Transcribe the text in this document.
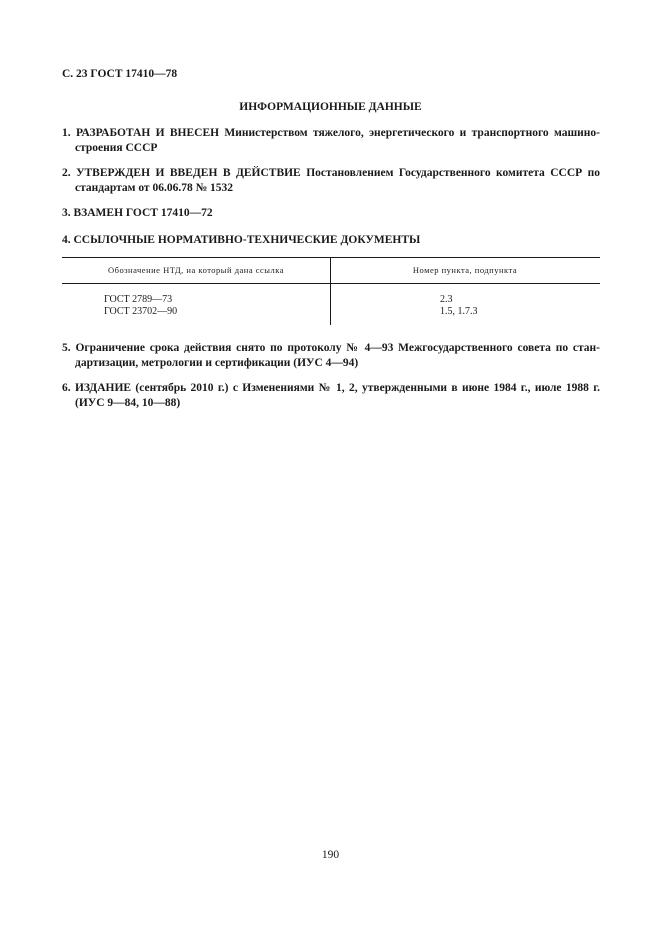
С. 23 ГОСТ 17410—78
ИНФОРМАЦИОННЫЕ ДАННЫЕ
1. РАЗРАБОТАН И ВНЕСЕН Министерством тяжелого, энергетического и транспортного машино-
строения СССР
2. УТВЕРЖДЕН И ВВЕДЕН В ДЕЙСТВИЕ Постановлением Государственного комитета СССР по
стандартам от 06.06.78 № 1532
3. ВЗАМЕН ГОСТ 17410—72
4. ССЫЛОЧНЫЕ НОРМАТИВНО-ТЕХНИЧЕСКИЕ ДОКУМЕНТЫ
Обозначение НТД, на который дана ссылка	Номер пункта, подпункта
ГОСТ 2789—73
ГОСТ 23702—90
2.3
1.5, 1.7.3
5. Ограничение срока действия снято по протоколу № 4—93 Межгосударственного совета по стан-
дартизации, метрологии и сертификации (ИУС 4—94)
6. ИЗДАНИЕ (сентябрь 2010 г.) с Изменениями № 1, 2, утвержденными в июне 1984 г., июле 1988 г.
(ИУС 9—84, 10—88)
190
